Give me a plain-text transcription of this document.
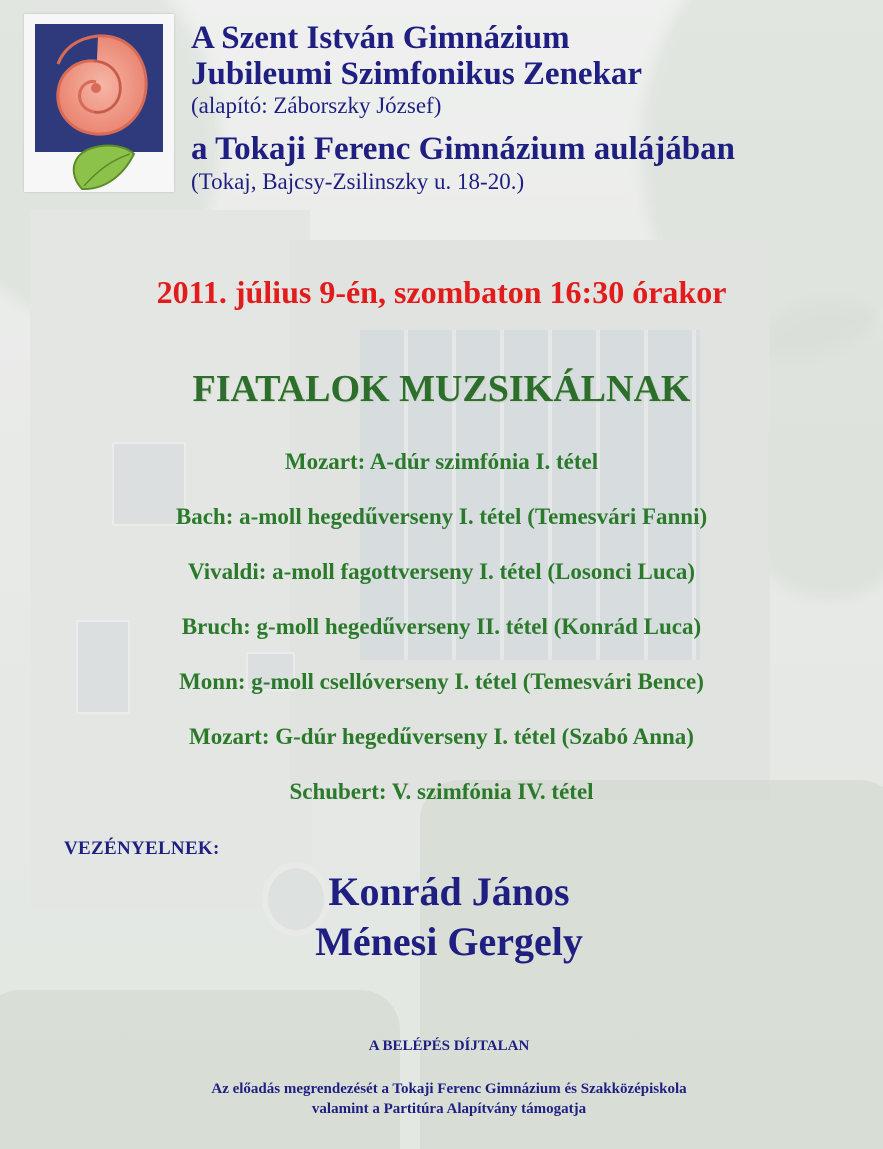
A Szent István Gimnázium
Jubileumi Szimfonikus Zenekar
(alapító: Záborszky József)
a Tokaji Ferenc Gimnázium aulájában
(Tokaj, Bajcsy-Zsilinszky u. 18-20.)
2011. július 9-én, szombaton 16:30 órakor
FIATALOK MUZSIKÁLNAK
Mozart: A-dúr szimfónia I. tétel
Bach: a-moll hegedűverseny I. tétel (Temesvári Fanni)
Vivaldi: a-moll fagottverseny I. tétel (Losonci Luca)
Bruch: g-moll hegedűverseny II. tétel (Konrád Luca)
Monn: g-moll csellóverseny I. tétel (Temesvári Bence)
Mozart: G-dúr hegedűverseny I. tétel (Szabó Anna)
Schubert: V. szimfónia IV. tétel
VEZÉNYELNEK:
Konrád János
Ménesi Gergely
A BELÉPÉS DÍJTALAN
Az előadás megrendezését a Tokaji Ferenc Gimnázium és Szakközépiskola
valamint a Partitúra Alapítvány támogatja
